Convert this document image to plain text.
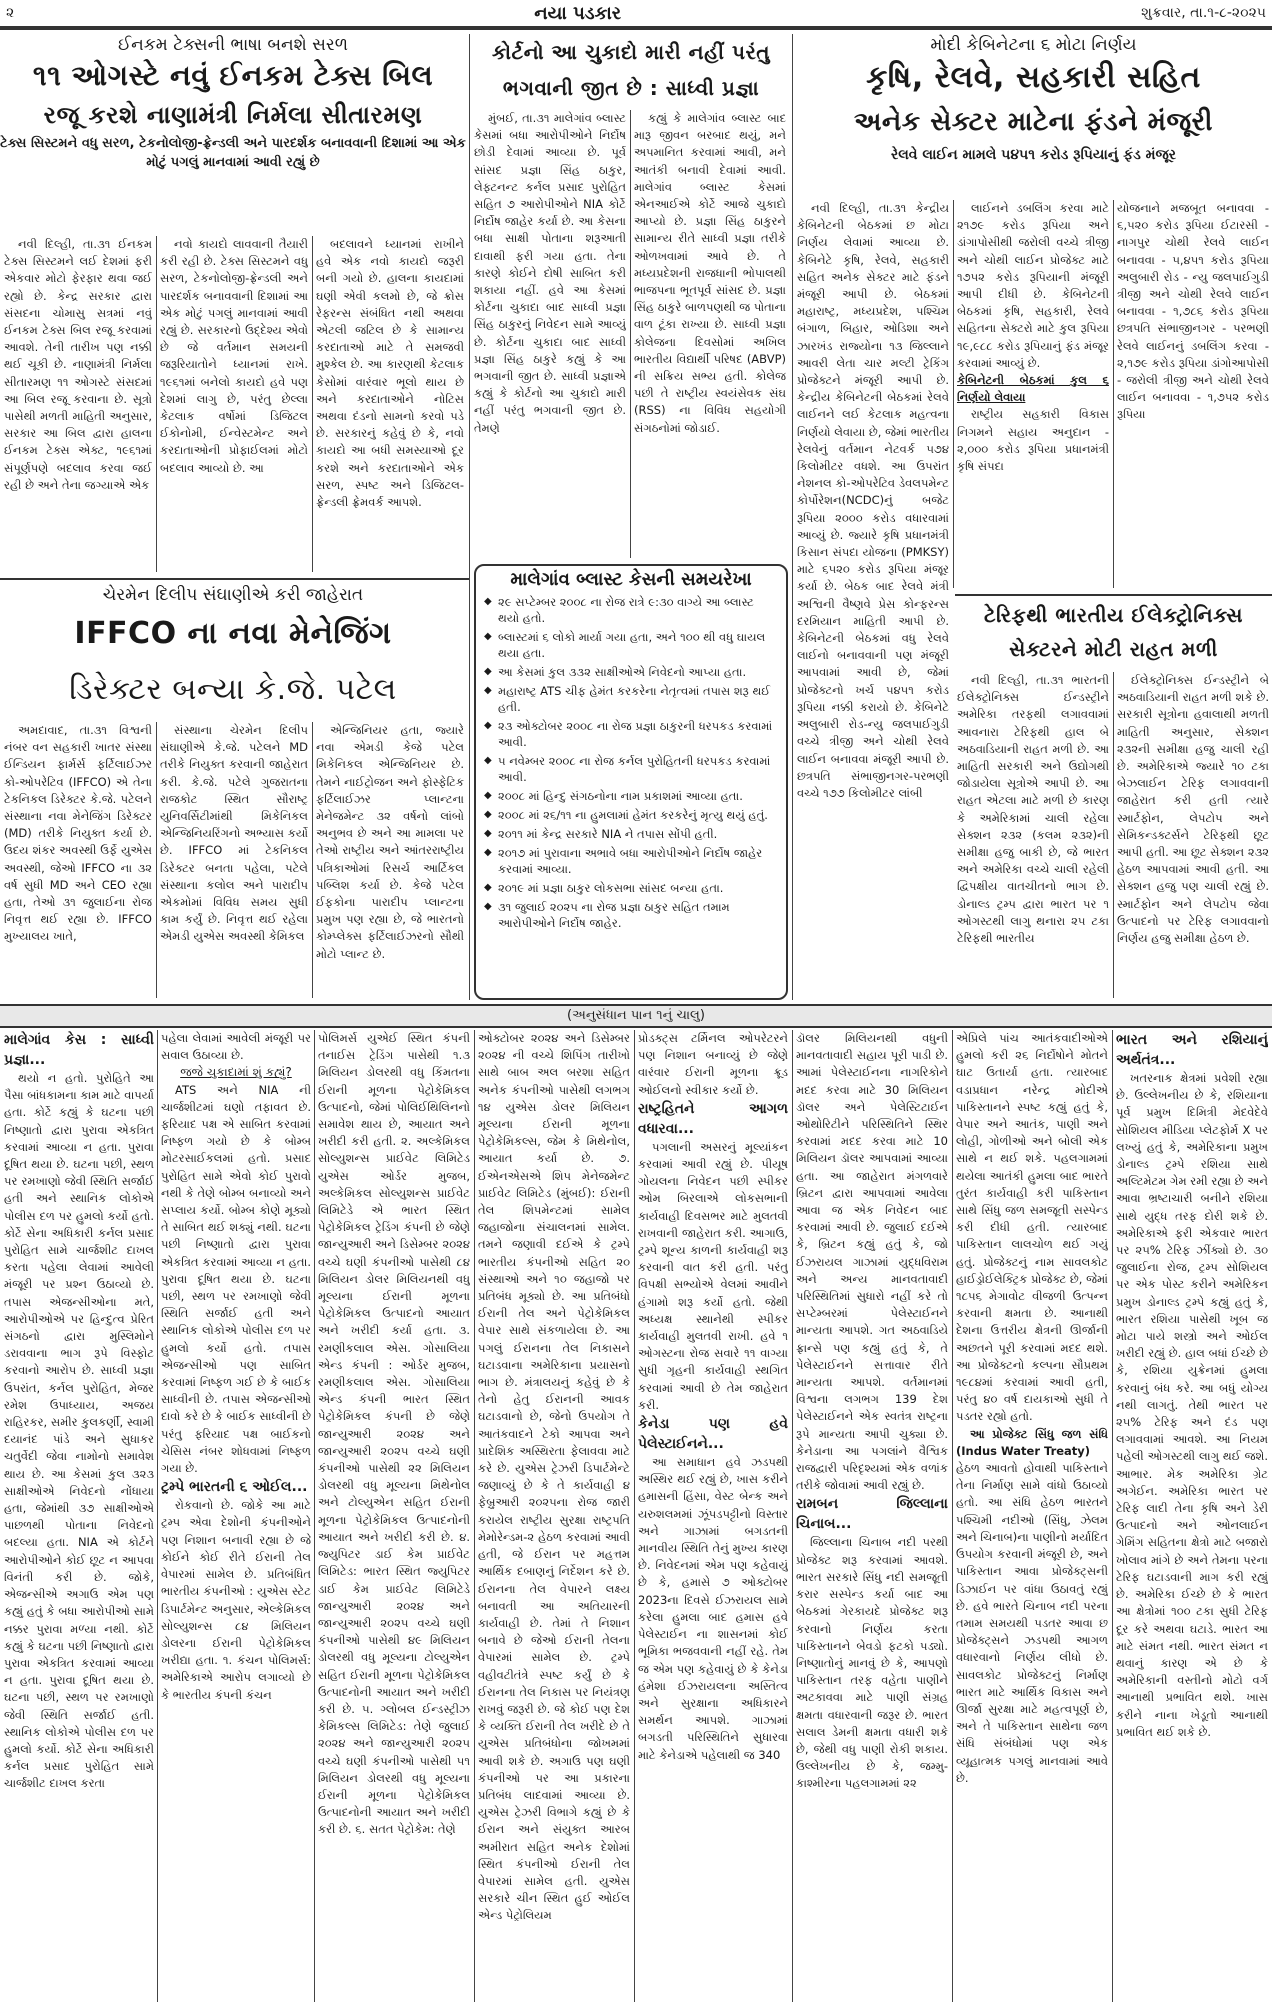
૨	નયા પડકાર	શુક્રવાર, તા.૧-૮-૨૦૨૫
ઈનકમ ટેક્સની ભાષા બનશે સરળ
૧૧ ઓગસ્ટે નવું ઈનકમ ટેક્સ બિલ
રજૂ કરશે નાણામંત્રી નિર્મલા સીતારમણ
ટેક્સ સિસ્ટમને વધુ સરળ, ટેકનોલોજી-ફ્રેન્ડલી અને પારદર્શક બનાવવાની દિશામાં આ એક મોટું પગલું માનવામાં આવી રહ્યું છે

નવી દિલ્હી, તા.૩૧ ઈનકમ ટેક્સ સિસ્ટમને લઈ દેશમાં ફરી એકવાર મોટો ફેરફાર થવા જઈ રહ્યો છે. કેન્દ્ર સરકાર દ્વારા સંસદના ચોમાસુ સત્રમાં નવું ઈનકમ ટેક્સ બિલ રજૂ કરવામાં આવશે. તેની તારીખ પણ નક્કી થઈ ચૂકી છે. નાણામંત્રી નિર્મલા સીતારમણ ૧૧ ઓગસ્ટે સંસદમાં આ બિલ રજૂ કરવાના છે. સૂત્રો પાસેથી મળતી માહિતી અનુસાર, સરકાર આ બિલ દ્વારા હાલના ઈનકમ ટેક્સ એક્ટ, ૧૯૬૧માં સંપૂર્ણપણે બદલાવ કરવા જઈ રહી છે અને તેના જગ્યાએ એક

નવો કાયદો લાવવાની તૈયારી કરી રહી છે. ટેક્સ સિસ્ટમને વધુ સરળ, ટેકનોલોજી-ફ્રેન્ડલી અને પારદર્શક બનાવવાની દિશામાં આ એક મોટું પગલું માનવામાં આવી રહ્યું છે. સરકારનો ઉદ્દેશ્ય એવો છે જે વર્તમાન સમયની જરૂરિયાતોને ધ્યાનમાં રાખે. ૧૯૬૧માં બનેલો કાયદો હવે પણ દેશમાં લાગુ છે, પરંતુ છેલ્લા કેટલાક વર્ષોમાં ડિજિટલ ઈકોનોમી, ઈન્વેસ્ટમેન્ટ અને કરદાતાઓની પ્રોફાઈલમાં મોટો બદલાવ આવ્યો છે. આ

બદલાવને ધ્યાનમાં રાખીને હવે એક નવો કાયદો જરૂરી બની ગયો છે. હાલના કાયદામાં ઘણી એવી કલમો છે, જે ક્રોસ રેફરન્સ સંબંધિત નથી અથવા એટલી જટિલ છે કે સામાન્ય કરદાતાઓ માટે તે સમજવી મુશ્કેલ છે. આ કારણથી કેટલાક કેસોમાં વારંવાર ભૂલો થાય છે અને કરદાતાઓને નોટિસ અથવા દંડનો સામનો કરવો પડે છે. સરકારનું કહેવું છે કે, નવો કાયદો આ બધી સમસ્યાઓ દૂર કરશે અને કરદાતાઓને એક સરળ, સ્પષ્ટ અને ડિજિટલ-ફ્રેન્ડલી ફ્રેમવર્ક આપશે.

કોર્ટનો આ ચુકાદો મારી નહીં પરંતુ
ભગવાની જીત છે : સાધ્વી પ્રજ્ઞા

મુંબઈ, તા.૩૧ માલેગાંવ બ્લાસ્ટ કેસમાં બધા આરોપીઓને નિર્દોષ છોડી દેવામાં આવ્યા છે. પૂર્વ સાંસદ પ્રજ્ઞા સિંહ ઠાકુર, લેફ્ટનન્ટ કર્નલ પ્રસાદ પુરોહિત સહિત ૭ આરોપીઓને NIA કોર્ટે નિર્દોષ જાહેર કર્યા છે. આ કેસના બધા સાક્ષી પોતાના શરૂઆતી દાવાથી ફરી ગયા હતા. તેના કારણે કોઈને દોષી સાબિત કરી શકાયા નહીં. હવે આ કેસમાં કોર્ટના ચુકાદા બાદ સાધ્વી પ્રજ્ઞા સિંહ ઠાકુરનું નિવેદન સામે આવ્યું છે. કોર્ટના ચુકાદા બાદ સાધ્વી પ્રજ્ઞા સિંહ ઠાકુરે કહ્યું કે આ ભગવાની જીત છે. સાધ્વી પ્રજ્ઞાએ કહ્યું કે કોર્ટનો આ ચુકાદો મારી નહીં પરંતુ ભગવાની જીત છે. તેમણે

કહ્યું કે માલેગાંવ બ્લાસ્ટ બાદ મારૂ જીવન બરબાદ થયું, મને અપમાનિત કરવામાં આવી, મને આતંકી બનાવી દેવામાં આવી. માલેગાંવ બ્લાસ્ટ કેસમાં એનઆઈએ કોર્ટે આજે ચુકાદો આપ્યો છે. પ્રજ્ઞા સિંહ ઠાકુરને સામાન્ય રીતે સાધ્વી પ્રજ્ઞા તરીકે ઓળખવામાં આવે છે. તે મધ્યપ્રદેશની રાજધાની ભોપાલથી ભાજપના ભૂતપૂર્વ સાંસદ છે. પ્રજ્ઞા સિંહ ઠાકુરે બાળપણથી જ પોતાના વાળ ટૂંકા રાખ્યા છે. સાધ્વી પ્રજ્ઞા કોલેજના દિવસોમાં અખિલ ભારતીય વિદ્યાર્થી પરિષદ (ABVP) ની સક્રિય સભ્ય હતી. કોલેજ પછી તે રાષ્ટ્રીય સ્વયંસેવક સંઘ (RSS) ના વિવિધ સહયોગી સંગઠનોમાં જોડાઈ.

માલેગાંવ બ્લાસ્ટ કેસની સમયરેખા
◆ ૨૯ સપ્ટેમ્બર ૨૦૦૮ ના રોજ રાત્રે ૯:૩૦ વાગ્યે આ બ્લાસ્ટ થયો હતો.
◆ બ્લાસ્ટમાં ૬ લોકો માર્યા ગયા હતા, અને ૧૦૦ થી વધુ ઘાયલ થયા હતા.
◆ આ કેસમાં કુલ ૩૩૨ સાક્ષીઓએ નિવેદનો આપ્યા હતા.
◆ મહારાષ્ટ્ર ATS ચીફ હેમંત કરકરેના નેતૃત્વમાં તપાસ શરૂ થઈ હતી.
◆ ૨૩ ઓક્ટોબર ૨૦૦૮ ના રોજ પ્રજ્ઞા ઠાકુરની ધરપકડ કરવામાં આવી.
◆ ૫ નવેમ્બર ૨૦૦૮ ના રોજ કર્નલ પુરોહિતની ધરપકડ કરવામાં આવી.
◆ ૨૦૦૮ માં હિન્દુ સંગઠનોના નામ પ્રકાશમાં આવ્યા હતા.
◆ ૨૦૦૮ માં ૨૬/૧૧ ના હુમલામાં હેમંત કરકરેનું મૃત્યુ થયું હતું.
◆ ૨૦૧૧ માં કેન્દ્ર સરકારે NIA ને તપાસ સોંપી હતી.
◆ ૨૦૧૭ માં પુરાવાના અભાવે બધા આરોપીઓને નિર્દોષ જાહેર કરવામાં આવ્યા.
◆ ૨૦૧૯ માં પ્રજ્ઞા ઠાકુર લોકસભા સાંસદ બન્યા હતા.
◆ ૩૧ જુલાઈ ૨૦૨૫ ના રોજ પ્રજ્ઞા ઠાકુર સહિત તમામ આરોપીઓને નિર્દોષ જાહેર.
મોદી કેબિનેટના ૬ મોટા નિર્ણય
કૃષિ, રેલવે, સહકારી સહિત
અનેક સેક્ટર માટેના ફંડને મંજૂરી
રેલવે લાઈન મામલે ૫૪૫૧ કરોડ રૂપિયાનું ફંડ મંજૂર

નવી દિલ્હી, તા.૩૧ કેન્દ્રીય કેબિનેટની બેઠકમાં છ મોટા નિર્ણય લેવામાં આવ્યા છે. કેબિનેટે કૃષિ, રેલવે, સહકારી સહિત અનેક સેક્ટર માટે ફંડને મંજૂરી આપી છે. બેઠકમાં મહારાષ્ટ્ર, મધ્યપ્રદેશ, પશ્ચિમ બંગાળ, બિહાર, ઓડિશા અને ઝારખંડ રાજ્યોના ૧૩ જિલ્લાને આવરી લેતા ચાર મલ્ટી ટ્રેકિંગ પ્રોજેક્ટને મંજૂરી આપી છે. કેન્દ્રીય કેબિનેટની બેઠકમાં રેલવે લાઈનને લઈ કેટલાક મહત્વના નિર્ણયો લેવાયા છે, જેમાં ભારતીય રેલવેનું વર્તમાન નેટવર્ક ૫૭૪ કિલોમીટર વધશે. આ ઉપરાંત નેશનલ કો-ઓપરેટિવ ડેવલપમેન્ટ કોર્પોરેશન(NCDC)નું બજેટ રૂપિયા ૨૦૦૦ કરોડ વધારવામાં આવ્યું છે. જ્યારે કૃષિ પ્રધાનમંત્રી કિસાન સંપદા યોજના (PMKSY) માટે ૬૫૨૦ કરોડ રૂપિયા મંજૂર કર્યા છે. બેઠક બાદ રેલવે મંત્રી અશ્વિની વૈષ્ણવે પ્રેસ કોન્ફરન્સ દરમિયાન માહિતી આપી છે. કેબિનેટની બેઠકમાં વધુ રેલવે લાઈનો બનાવવાની પણ મંજૂરી આપવામાં આવી છે, જેમાં પ્રોજેક્ટનો ખર્ચ ૫૪૫૧ કરોડ રૂપિયા નક્કી કરાયો છે. કેબિનેટે અલુબારી રોડ-ન્યુ જલપાઈગુડી વચ્ચે ત્રીજી અને ચોથી રેલવે લાઈન બનાવવા મંજૂરી આપી છે. છત્રપતિ સંભાજીનગર-પરભણી વચ્ચે ૧૭૭ કિલોમીટર લાંબી

લાઈનને ડબલિંગ કરવા માટે ૨૧૭૯ કરોડ રૂપિયા અને ડાંગાપોસીથી જરોલી વચ્ચે ત્રીજી અને ચોથી લાઈન પ્રોજેક્ટ માટે ૧૭૫૨ કરોડ રૂપિયાની મંજૂરી આપી દીધી છે. કેબિનેટની બેઠકમાં કૃષિ, સહકારી, રેલવે સહિતના સેક્ટરો માટે કુલ રૂપિયા ૧૯,૯૮૮ કરોડ રૂપિયાનું ફંડ મંજૂર કરવામાં આવ્યું છે.

કેબિનેટની બેઠકમાં કુલ ૬ નિર્ણયો લેવાયા

રાષ્ટ્રીય સહકારી વિકાસ નિગમને સહાય અનુદાન - ૨,૦૦૦ કરોડ રૂપિયા પ્રધાનમંત્રી કૃષિ સંપદા

યોજનાને મજબૂત બનાવવા - ૬,૫૨૦ કરોડ રૂપિયા ઈટારસી - નાગપુર ચોથી રેલવે લાઈન બનાવવા - ૫,૪૫૧ કરોડ રૂપિયા અલુબારી રોડ - ન્યુ જલપાઈગુડી ત્રીજી અને ચોથી રેલવે લાઈન બનાવવા - ૧,૭૮૬ કરોડ રૂપિયા છત્રપતિ સંભાજીનગર - પરભણી રેલવે લાઈનનું ડબલિંગ કરવા - ૨,૧૭૯ કરોડ રૂપિયા ડાંગોઆપોસી - જરોલી ત્રીજી અને ચોથી રેલવે લાઈન બનાવવા - ૧,૭૫૨ કરોડ રૂપિયા

ટેરિફથી ભારતીય ઈલેક્ટ્રોનિક્સ
સેક્ટરને મોટી રાહત મળી

નવી દિલ્હી, તા.૩૧ ભારતની ઈલેક્ટ્રોનિક્સ ઈન્ડસ્ટ્રીને અમેરિકા તરફથી લગાવવામાં આવનારા ટેરિફથી હાલ બે અઠવાડિયાની રાહત મળી છે. આ માહિતી સરકારી અને ઉદ્યોગથી જોડાયેલા સૂત્રોએ આપી છે. આ રાહત એટલા માટે મળી છે કારણ કે અમેરિકામાં ચાલી રહેલા સેક્શન ૨૩૨ (કલમ ૨૩૨)ની સમીક્ષા હજુ બાકી છે, જે ભારત અને અમેરિકા વચ્ચે ચાલી રહેલી દ્વિપક્ષીય વાતચીતનો ભાગ છે. ડોનાલ્ડ ટ્રમ્પ દ્વારા ભારત પર ૧ ઓગસ્ટથી લાગુ થનારા ૨૫ ટકા ટેરિફથી ભારતીય

ઈલેક્ટ્રોનિક્સ ઈન્ડસ્ટ્રીને બે અઠવાડિયાની રાહત મળી શકે છે. સરકારી સૂત્રોના હવાલાથી મળતી માહિતી અનુસાર, સેક્શન ૨૩૨ની સમીક્ષા હજુ ચાલી રહી છે. અમેરિકાએ જ્યારે ૧૦ ટકા બેઝલાઈન ટેરિફ લગાવવાની જાહેરાત કરી હતી ત્યારે સ્માર્ટફોન, લેપટોપ અને સેમિકન્ડક્ટર્સને ટેરિફથી છૂટ આપી હતી. આ છૂટ સેક્શન ૨૩૨ હેઠળ આપવામાં આવી હતી. આ સેક્શન હજુ પણ ચાલી રહ્યું છે. સ્માર્ટફોન અને લેપટોપ જેવા ઉત્પાદનો પર ટેરિફ લગાવવાનો નિર્ણય હજુ સમીક્ષા હેઠળ છે.

ચેરમેન દિલીપ સંઘાણીએ કરી જાહેરાત
IFFCO ના નવા મેનેજિંગ
ડિરેક્ટર બન્યા કે.જે. પટેલ

અમદાવાદ, તા.૩૧ વિશ્વની નંબર વન સહકારી ખાતર સંસ્થા ઈન્ડિયન ફાર્મર્સ ફર્ટિલાઈઝર કો-ઓપરેટિવ (IFFCO) એ તેના ટેકનિકલ ડિરેક્ટર કે.જે. પટેલને સંસ્થાના નવા મેનેજિંગ ડિરેક્ટર (MD) તરીકે નિયુક્ત કર્યા છે. ઉદય શંકર અવસ્થી ઉર્ફે યુએસ અવસ્થી, જેઓ IFFCO ના ૩૨ વર્ષ સુધી MD અને CEO રહ્યા હતા, તેઓ ૩૧ જુલાઈના રોજ નિવૃત્ત થઈ રહ્યા છે. IFFCO મુખ્યાલય ખાતે,

સંસ્થાના ચેરમેન દિલીપ સંઘાણીએ કે.જે. પટેલને MD તરીકે નિયુક્ત કરવાની જાહેરાત કરી. કે.જે. પટેલે ગુજરાતના રાજકોટ સ્થિત સૌરાષ્ટ્ર યુનિવર્સિટીમાંથી મિકેનિકલ એન્જિનિયરિંગનો અભ્યાસ કર્યો છે. IFFCO માં ટેકનિકલ ડિરેક્ટર બનતા પહેલા, પટેલે સંસ્થાના કલોલ અને પારાદીપ એકમોમાં વિવિધ સમય સુધી કામ કર્યું છે. નિવૃત્ત થઈ રહેલા એમડી યુએસ અવસ્થી કેમિકલ

એન્જિનિયર હતા, જ્યારે નવા એમડી કેજે પટેલ મિકેનિકલ એન્જિનિયર છે. તેમને નાઈટ્રોજન અને ફોસ્ફેટિક ફર્ટિલાઈઝર પ્લાન્ટના મેનેજમેન્ટ ૩૨ વર્ષનો લાંબો અનુભવ છે અને આ મામલા પર તેઓ રાષ્ટ્રીય અને આંતરરાષ્ટ્રીય પત્રિકાઓમાં રિસર્ચ આર્ટિકલ પબ્લિશ કર્યા છે. કેજે પટેલ ઈફકોના પારાદીપ પ્લાન્ટના પ્રમુખ પણ રહ્યા છે, જે ભારતનો કોમ્પ્લેક્સ ફર્ટિલાઈઝરનો સૌથી મોટો પ્લાન્ટ છે.

(અનુસંધાન પાન ૧નું ચાલુ)

માલેગાંવ કેસ : સાધ્વી પ્રજ્ઞા...

થયો ન હતો. પુરોહિતે આ પૈસા બાંધકામના કામ માટે વાપર્યા હતા. કોર્ટે કહ્યું કે ઘટના પછી નિષ્ણાતો દ્વારા પુરાવા એકત્રિત કરવામાં આવ્યા ન હતા. પુરાવા દૂષિત થયા છે. ઘટના પછી, સ્થળ પર રમખાણો જેવી સ્થિતિ સર્જાઈ હતી અને સ્થાનિક લોકોએ પોલીસ દળ પર હુમલો કર્યો હતો. કોર્ટે સેના અધિકારી કર્નલ પ્રસાદ પુરોહિત સામે ચાર્જશીટ દાખલ કરતા પહેલા લેવામાં આવેલી મંજૂરી પર પ્રશ્ન ઉઠાવ્યો છે. તપાસ એજન્સીઓના મતે, આરોપીઓએ પર હિન્દુત્વ પ્રેરિત સંગઠનો દ્વારા મુસ્લિમોને ડરાવવાના ભાગ રૂપે વિસ્ફોટ કરવાનો આરોપ છે. સાધ્વી પ્રજ્ઞા ઉપરાંત, કર્નલ પુરોહિત, મેજર રમેશ ઉપાધ્યાય, અજય રાહિરકર, સમીર કુલકર્ણી, સ્વામી દયાનંદ પાંડે અને સુધાકર ચતુર્વેદી જેવા નામોનો સમાવેશ થાય છે. આ કેસમાં કુલ ૩૨૩ સાક્ષીઓએ નિવેદનો નોંધાયા હતા, જેમાંથી ૩૭ સાક્ષીઓએ પાછળથી પોતાના નિવેદનો બદલ્યા હતા. NIA એ કોર્ટને આરોપીઓને કોઈ છૂટ ન આપવા વિનંતી કરી છે. જોકે, એજન્સીએ અગાઉ એમ પણ કહ્યું હતું કે બધા આરોપીઓ સામે નક્કર પુરાવા મળ્યા નથી. કોર્ટે કહ્યું કે ઘટના પછી નિષ્ણાતો દ્વારા પુરાવા એકત્રિત કરવામાં આવ્યા ન હતા. પુરાવા દૂષિત થયા છે. ઘટના પછી, સ્થળ પર રમખાણો જેવી સ્થિતિ સર્જાઈ હતી. સ્થાનિક લોકોએ પોલીસ દળ પર હુમલો કર્યો. કોર્ટે સેના અધિકારી કર્નલ પ્રસાદ પુરોહિત સામે ચાર્જશીટ દાખલ કરતા

પહેલા લેવામાં આવેલી મંજૂરી પર સવાલ ઉઠાવ્યા છે.

જજે ચુકાદામાં શું કહ્યું?

ATS અને NIA ની ચાર્જશીટમાં ઘણો તફાવત છે. ફરિયાદ પક્ષ એ સાબિત કરવામાં નિષ્ફળ ગયો છે કે બોમ્બ મોટરસાઈકલમાં હતો. પ્રસાદ પુરોહિત સામે એવો કોઈ પુરાવો નથી કે તેણે બોમ્બ બનાવ્યો અને સપ્લાય કર્યો. બોમ્બ કોણે મૂક્યો તે સાબિત થઈ શક્યું નથી. ઘટના પછી નિષ્ણાતો દ્વારા પુરાવા એકત્રિત કરવામાં આવ્યા ન હતા. પુરાવા દૂષિત થયા છે. ઘટના પછી, સ્થળ પર રમખાણો જેવી સ્થિતિ સર્જાઈ હતી અને સ્થાનિક લોકોએ પોલીસ દળ પર હુમલો કર્યો હતો. તપાસ એજન્સીઓ પણ સાબિત કરવામાં નિષ્ફળ ગઈ છે કે બાઈક સાધ્વીની છે. તપાસ એજન્સીઓ દાવો કરે છે કે બાઈક સાધ્વીની છે પરંતુ ફરિયાદ પક્ષ બાઈકનો ચેસિસ નંબર શોધવામાં નિષ્ફળ ગયા છે.

ટ્રમ્પે ભારતની ૬ ઓઈલ...

રોકવાનો છે. જોકે આ માટે ટ્રમ્પ એવા દેશોની કંપનીઓને પણ નિશાન બનાવી રહ્યા છે જે કોઈને કોઈ રીતે ઈરાની તેલ વેપારમાં સામેલ છે. પ્રતિબંધિત ભારતીય કંપનીઓ : યુએસ સ્ટેટ ડિપાર્ટમેન્ટ અનુસાર, એલ્કેમિકલ સોલ્યુશન્સ ૮૪ મિલિયન ડોલરના ઈરાની પેટ્રોકેમિકલ ખરીદ્યા હતા. ૧. કંચન પોલિમર્સ: અમેરિકાએ આરોપ લગાવ્યો છે કે ભારતીય કંપની કંચન

પોલિમર્સ યુએઈ સ્થિત કંપની તનાઈસ ટ્રેડિંગ પાસેથી ૧.૩ મિલિયન ડોલરથી વધુ કિંમતના ઈરાની મૂળના પેટ્રોકેમિકલ ઉત્પાદનો, જેમાં પોલિઈથિલિનનો સમાવેશ થાય છે, આયાત અને ખરીદી કરી હતી. ૨. અલ્કેમિકલ સોલ્યુશન્સ પ્રાઈવેટ લિમિટેડ યુએસ ઓર્ડર મુજબ, અલ્કેમિકલ સોલ્યુશન્સ પ્રાઈવેટ લિમિટેડે એ ભારત સ્થિત પેટ્રોકેમિકલ ટ્રેડિંગ કંપની છે જેણે જાન્યુઆરી અને ડિસેમ્બર ૨૦૨૪ વચ્ચે ઘણી કંપનીઓ પાસેથી ૮૪ મિલિયન ડોલર મિલિયનથી વધુ મૂલ્યના ઈરાની મૂળના પેટ્રોકેમિકલ ઉત્પાદનો આયાત અને ખરીદી કર્યા હતા. ૩. રમણીકલાલ એસ. ગોસાલિયા એન્ડ કંપની : ઓર્ડર મુજબ, રમણીકલાલ એસ. ગોસાલિયા એન્ડ કંપની ભારત સ્થિત પેટ્રોકેમિકલ કંપની છે જેણે જાન્યુઆરી ૨૦૨૪ અને જાન્યુઆરી ૨૦૨૫ વચ્ચે ઘણી કંપનીઓ પાસેથી ૨૨ મિલિયન ડોલરથી વધુ મૂલ્યના મિથેનોલ અને ટોલ્યુએન સહિત ઈરાની મૂળના પેટ્રોકેમિકલ ઉત્પાદનોની આયાત અને ખરીદી કરી છે. ૪. જ્યુપિટર ડાઈ કેમ પ્રાઈવેટ લિમિટેડ: ભારત સ્થિત જ્યુપિટર ડાઈ કેમ પ્રાઈવેટ લિમિટેડે જાન્યુઆરી ૨૦૨૪ અને જાન્યુઆરી ૨૦૨૫ વચ્ચે ઘણી કંપનીઓ પાસેથી ૪૯ મિલિયન ડોલરથી વધુ મૂલ્યના ટોલ્યુએન સહિત ઈરાની મૂળના પેટ્રોકેમિકલ ઉત્પાદનોની આયાત અને ખરીદી કરી છે. ૫. ગ્લોબલ ઈન્ડસ્ટ્રીઝ કેમિકલ્સ લિમિટેડ: તેણે જુલાઈ ૨૦૨૪ અને જાન્યુઆરી ૨૦૨૫ વચ્ચે ઘણી કંપનીઓ પાસેથી ૫૧ મિલિયન ડોલરથી વધુ મૂલ્યના ઈરાની મૂળના પેટ્રોકેમિકલ ઉત્પાદનોની આયાત અને ખરીદી કરી છે. ૬. સતત પેટ્રોકેમ: તેણે

ઓક્ટોબર ૨૦૨૪ અને ડિસેમ્બર ૨૦૨૪ ની વચ્ચે શિપિંગ તારીખો સાથે બાબ અલ બરશા સહિત અનેક કંપનીઓ પાસેથી લગભગ ૧૪ યુએસ ડોલર મિલિયન મૂલ્યના ઈરાની મૂળના પેટ્રોકેમિકલ્સ, જેમ કે મિથેનોલ, આયાત કર્યા છે. ૭. ઈએનએસએ શિપ મેનેજમેન્ટ પ્રાઈવેટ લિમિટેડ (મુંબઈ): ઈરાની તેલ શિપમેન્ટમાં સામેલ જહાજોના સંચાલનમાં સામેલ. તમને જણાવી દઈએ કે ટ્રમ્પે ભારતીય કંપનીઓ સહિત ૨૦ સંસ્થાઓ અને ૧૦ જહાજો પર પ્રતિબંધ મૂક્યો છે. આ પ્રતિબંધો ઈરાની તેલ અને પેટ્રોકેમિકલ વેપાર સાથે સંકળાયેલા છે. આ પગલું ઈરાનના તેલ નિકાસને ઘટાડવાના અમેરિકાના પ્રયાસનો ભાગ છે. મંત્રાલયનું કહેવું છે કે તેનો હેતુ ઈરાનની આવક ઘટાડવાનો છે, જેનો ઉપયોગ તે આતંકવાદને ટેકો આપવા અને પ્રાદેશિક અસ્થિરતા ફેલાવવા માટે કરે છે. યુએસ ટ્રેઝરી ડિપાર્ટમેન્ટે જણાવ્યું છે કે તે કાર્યવાહી ૪ ફેબ્રુઆરી ૨૦૨૫ના રોજ જારી કરાયેલ રાષ્ટ્રીય સુરક્ષા રાષ્ટ્રપતિ મેમોરેન્ડમ-૨ હેઠળ કરવામાં આવી હતી, જે ઈરાન પર મહત્તમ આર્થિક દબાણનું નિર્દેશન કરે છે. ઈરાનના તેલ વેપારને લક્ષ્ય બનાવતી આ અતિયારની કાર્યવાહી છે. તેમાં તે નિશાન બનાવે છે જેઓ ઈરાની તેલના વેપારમાં સામેલ છે. ટ્રમ્પે વહીવટીતંત્રે સ્પષ્ટ કર્યું છે કે ઈરાનના તેલ નિકાસ પર નિયંત્રણ રાખવું જરૂરી છે. જે કોઈ પણ દેશ કે વ્યક્તિ ઈરાની તેલ ખરીદે છે તે યુએસ પ્રતિબંધોના જોખમમાં આવી શકે છે. અગાઉ પણ ઘણી કંપનીઓ પર આ પ્રકારના પ્રતિબંધ લાદવામાં આવ્યા છે. યુએસ ટ્રેઝરી વિભાગે કહ્યું છે કે ઈરાન અને સંયુક્ત આરબ અમીરાત સહિત અનેક દેશોમાં સ્થિત કંપનીઓ ઈરાની તેલ વેપારમાં સામેલ હતી. યુએસ સરકારે ચીન સ્થિત હુઈ ઓઈલ એન્ડ પેટ્રોલિયમ

પ્રોડક્ટ્સ ટર્મિનલ ઓપરેટરને પણ નિશાન બનાવ્યું છે જેણે વારંવાર ઈરાની મૂળના ક્રૂડ ઓઈલનો સ્વીકાર કર્યો છે.

રાષ્ટ્રહિતને આગળ વધારવા...

પગલાની અસરનું મૂલ્યાંકન કરવામાં આવી રહ્યું છે. પીયૂષ ગોયલના નિવેદન પછી સ્પીકર ઓમ બિરલાએ લોકસભાની કાર્યવાહી દિવસભર માટે મુલતવી રાખવાની જાહેરાત કરી. આગાઉ, ટ્રમ્પે શૂન્ય કાળની કાર્યવાહી શરૂ કરવાની વાત કરી હતી. પરંતુ વિપક્ષી સભ્યોએ વેલમાં આવીને હંગામો શરૂ કર્યો હતો. જેથી અધ્યક્ષ સ્થાનેથી સ્પીકર કાર્યવાહી મુલતવી રાખી. હવે ૧ ઓગસ્ટના રોજ સવારે ૧૧ વાગ્યા સુધી ગૃહની કાર્યવાહી સ્થગિત કરવામાં આવી છે તેમ જાહેરાત કરી.

કેનેડા પણ હવે પેલેસ્ટાઈનને...

આ સમાધાન હવે ઝડપથી અસ્થિર થઈ રહ્યું છે, ખાસ કરીને હમાસની હિંસા, વેસ્ટ બેન્ક અને યરુશલમમાં ઝૂંપડપટ્ટીનો વિસ્તાર અને ગાઝામાં બગડતની માનવીય સ્થિતિ તેનું મુખ્ય કારણ છે. નિવેદનમાં એમ પણ કહેવાયું છે કે, હમાસે ૭ ઓક્ટોબર 2023ના દિવસે ઈઝરાયલ સામે કરેલા હુમલા બાદ હમાસ હવે પેલેસ્ટાઈન ના શાસનમાં કોઈ ભૂમિકા ભજવવાની નહીં રહે. તેમ જ એમ પણ કહેવાયું છે કે કેનેડા હંમેશા ઈઝરાયલના અસ્તિત્વ અને સુરક્ષાના અધિકારને સમર્થન આપશે. ગાઝામાં બગડતી પરિસ્થિતિને સુધારવા માટે કેનેડાએ પહેલાથી જ 340

ડૉલર મિલિયનથી વધુની માનવતાવાદી સહાય પૂરી પાડી છે. આમાં પેલેસ્ટાઈનના નાગરિકોને મદદ કરવા માટે 30 મિલિયન ડૉલર અને પેલેસ્ટિટાઈન ઓથોરિટીને પરિસ્થિતિને સ્થિર કરવામાં મદદ કરવા માટે 10 મિલિયન ડૉલર આપવામાં આવ્યા હતા. આ જાહેરાત મંગળવારે બ્રિટન દ્વારા આપવામાં આવેલા આવા જ એક નિવેદન બાદ કરવામાં આવી છે. જુલાઈ દઈએ કે, બ્રિટન કહ્યું હતું કે, જો ઈઝરાયલ ગાઝામાં યુદ્ધવિરામ અને અન્ય માનવતાવાદી પરિસ્થિતિમાં સુધારો નહીં કરે તો સપ્ટેમ્બરમાં પેલેસ્ટાઈનને માન્યતા આપશે. ગત અઠવાડિયે ફ્રાન્સે પણ કહ્યું હતું કે, તે પેલેસ્ટાઈનને સત્તાવાર રીતે માન્યતા આપશે. વર્તમાનમાં વિશ્વના લગભગ 139 દેશ પેલેસ્ટાઈનને એક સ્વતંત્ર રાષ્ટ્રના રૂપે માન્યતા આપી ચુક્યા છે. કેનેડાના આ પગલાંને વૈશ્વિક રાજદ્વારી પરિદૃશ્યમાં એક વળાંક તરીકે જોવામાં આવી રહ્યું છે.

રામબન જિલ્લાના ચિનાબ...

જિલ્લાના ચિનાબ નદી પરથી પ્રોજેક્ટ શરૂ કરવામાં આવશે. ભારત સરકારે સિંધુ નદી સમજૂતી કરાર સસ્પેન્ડ કર્યા બાદ આ બેઠકમાં ગેરકાયદે પ્રોજેક્ટ શરૂ કરવાનો નિર્ણય કરતા પાકિસ્તાનને બેવડો ફટકો પડ્યો. નિષ્ણાતોનું માનવું છે કે, આપણો પાકિસ્તાન તરફ વહેતા પાણીને અટકાવવા માટે પાણી સંગ્રહ ક્ષમતા વધારવાની જરૂર છે. ભારત સલાલ ડેમની ક્ષમતા વધારી શકે છે, જેથી વધુ પાણી રોકી શકાય. ઉલ્લેખનીય છે કે, જમ્મુ-કાશ્મીરના પહલગામમાં ૨૨

એપ્રિલે પાંચ આતંકવાદીઓએ હુમલો કરી ૨૬ નિર્દોષોને મોતને ઘાટ ઉતાર્યા હતા. ત્યારબાદ વડાપ્રધાન નરેન્દ્ર મોદીએ પાકિસ્તાનને સ્પષ્ટ કહ્યું હતું કે, વેપાર અને આતંક, પાણી અને લોહી, ગોળીઓ અને બોલી એક સાથે ન થઈ શકે. પહલગામમાં થયેલા આતંકી હુમલા બાદ ભારતે તુરંત કાર્યવાહી કરી પાકિસ્તાન સાથે સિંધુ જળ સમજૂતી સસ્પેન્ડ કરી દીધી હતી. ત્યારબાદ પાકિસ્તાન લાલચોળ થઈ ગયું હતું. પ્રોજેક્ટનું નામ સાવલકોટ હાઈડ્રોઈલેક્ટ્રિક પ્રોજેક્ટ છે, જેમાં ૧૮૫૬ મેગાવોટ વીજળી ઉત્પન્ન કરવાની ક્ષમતા છે. આનાથી દેશના ઉત્તરીય ક્ષેત્રની ઊર્જાની અછતને પૂરી કરવામાં મદદ થશે. આ પ્રોજેક્ટનો કલ્પના સૌપ્રથમ ૧૯૮૪માં કરવામાં આવી હતી, પરંતુ ૪૦ વર્ષ દાયકાઓ સુધી તે પડતર રહ્યો હતો.

આ પ્રોજેક્ટ સિંધુ જળ સંધિ (Indus Water Treaty)

હેઠળ આવતો હોવાથી પાકિસ્તાને તેના નિર્માણ સામે વાંધો ઉઠાવ્યો હતો. આ સંધિ હેઠળ ભારતને પશ્ચિમી નદીઓ (સિંધુ, ઝેલમ અને ચિનાબ)ના પાણીનો મર્યાદિત ઉપયોગ કરવાની મંજૂરી છે, અને પાકિસ્તાન આવા પ્રોજેક્ટ્સની ડિઝાઈન પર વાંધા ઉઠાવતું રહ્યું છે. હવે ભારતે ચિનાબ નદી પરના તમામ સમયથી પડતર આવા છ પ્રોજેક્ટ્સને ઝડપથી આગળ વધારવાનો નિર્ણય લીધો છે. સાવલકોટ પ્રોજેક્ટનું નિર્માણ ભારત માટે આર્થિક વિકાસ અને ઊર્જા સુરક્ષા માટે મહત્વપૂર્ણ છે, અને તે પાકિસ્તાન સાથેના જળ સંધિ સંબંધોમાં પણ એક વ્યૂહાત્મક પગલું માનવામાં આવે છે.

ભારત અને રશિયાનું અર્થતંત્ર...

ખતરનાક ક્ષેત્રમાં પ્રવેશી રહ્યા છે. ઉલ્લેખનીય છે કે, રશિયાના પૂર્વ પ્રમુખ દિમિત્રી મેદવેદેવે સોશિયલ મીડિયા પ્લેટફોર્મ X પર લખ્યું હતું કે, અમેરિકાના પ્રમુખ ડોનાલ્ડ ટ્રમ્પે રશિયા સાથે અલ્ટિમેટમ ગેમ રમી રહ્યા છે અને આવા ભ્રષ્ટાચારી બનીને રશિયા સાથે યુદ્ધ તરફ દોરી શકે છે. અમેરિકાએ ફરી એકવાર ભારત પર ૨૫% ટેરિફ ઝીંક્યો છે. ૩૦ જુલાઈના રોજ, ટ્રમ્પ સોશિયલ પર એક પોસ્ટ કરીને અમેરિકન પ્રમુખ ડોનાલ્ડ ટ્રમ્પે કહ્યું હતું કે, ભારત રશિયા પાસેથી ખૂબ જ મોટા પાયે શસ્ત્રો અને ઓઈલ ખરીદી રહ્યું છે. હાલ બધાં ઈચ્છે છે કે, રશિયા યુક્રેનમાં હુમલા કરવાનું બંધ કરે. આ બધું યોગ્ય નથી લાગતું. તેથી ભારત પર ૨૫% ટેરિફ અને દંડ પણ લગાવવામાં આવશે. આ નિયમ પહેલી ઓગસ્ટથી લાગુ થઈ જશે. આભાર. મેક અમેરિકા ગ્રેટ અગેઈન. અમેરિકા ભારત પર ટેરિફ લાદી તેના કૃષિ અને ડેરી ઉત્પાદનો અને ઓનલાઈન ગેમિંગ સહિતના ક્ષેત્રો માટે બજારો ખોલાવ માંગે છે અને તેમના પરના ટેરિફ ઘટાડવાની માગ કરી રહ્યું છે. અમેરિકા ઈચ્છે છે કે ભારત આ ક્ષેત્રોમાં ૧૦૦ ટકા સુધી ટેરિફ દૂર કરે અથવા ઘટાડે. ભારત આ માટે સંમત નથી. ભારત સંમત ન થવાનું કારણ એ છે કે અમેરિકાની વસ્તીનો મોટો વર્ગ આનાથી પ્રભાવિત થશે. ખાસ કરીને નાના ખેડૂતો આનાથી પ્રભાવિત થઈ શકે છે.
